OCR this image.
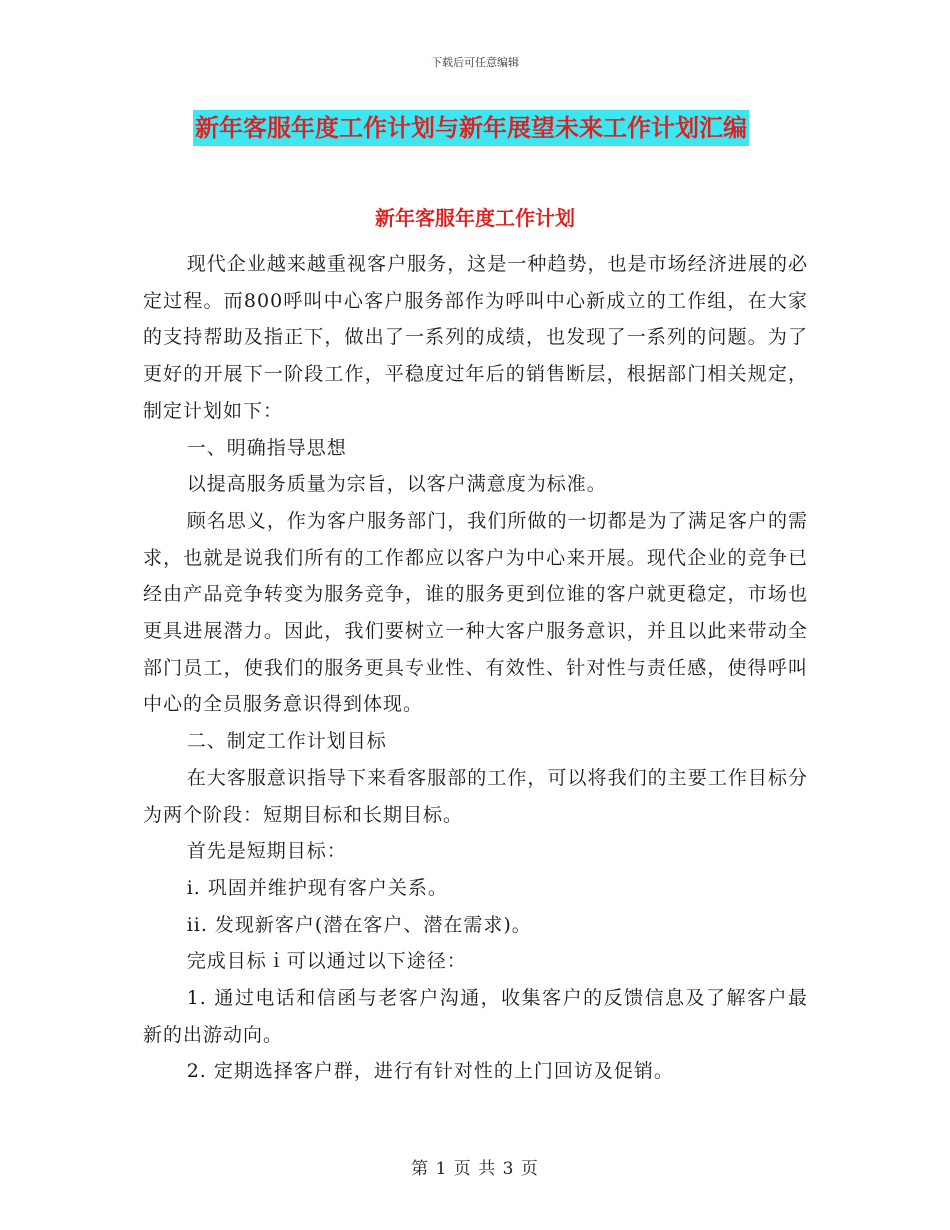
下载后可任意编辑
新年客服年度工作计划与新年展望未来工作计划汇编
新年客服年度工作计划

现代企业越来越重视客户服务，这是一种趋势，也是市场经济进展的必定过程。而800呼叫中心客户服务部作为呼叫中心新成立的工作组，在大家的支持帮助及指正下，做出了一系列的成绩，也发现了一系列的问题。为了更好的开展下一阶段工作，平稳度过年后的销售断层，根据部门相关规定，制定计划如下：

一、明确指导思想

以提高服务质量为宗旨，以客户满意度为标准。

顾名思义，作为客户服务部门，我们所做的一切都是为了满足客户的需求，也就是说我们所有的工作都应以客户为中心来开展。现代企业的竞争已经由产品竞争转变为服务竞争，谁的服务更到位谁的客户就更稳定，市场也更具进展潜力。因此，我们要树立一种大客户服务意识，并且以此来带动全部门员工，使我们的服务更具专业性、有效性、针对性与责任感，使得呼叫中心的全员服务意识得到体现。

二、制定工作计划目标

在大客服意识指导下来看客服部的工作，可以将我们的主要工作目标分为两个阶段：短期目标和长期目标。

首先是短期目标：

i. 巩固并维护现有客户关系。

ii. 发现新客户(潜在客户、潜在需求)。

完成目标ｉ可以通过以下途径：

1. 通过电话和信函与老客户沟通，收集客户的反馈信息及了解客户最新的出游动向。

2. 定期选择客户群，进行有针对性的上门回访及促销。

第 1 页 共 3 页
